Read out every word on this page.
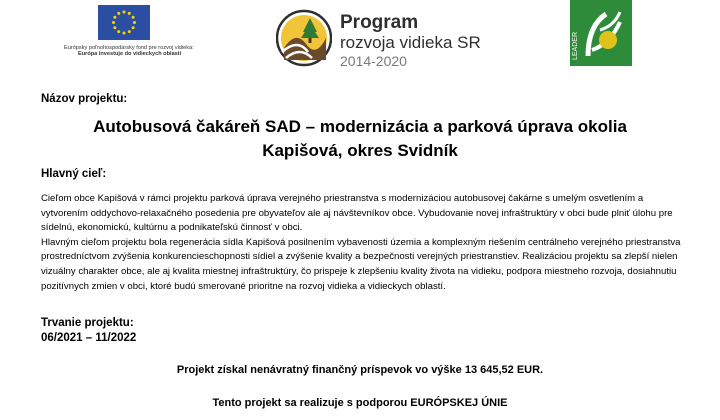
Európsky poľnohospodársky fond pre rozvoj vidieka:
Európa investuje do vidieckych oblastí
Program
rozvoja vidieka SR
2014-2020
LEADER
Názov projektu:
Autobusová čakáreň SAD – modernizácia a parková úprava okolia
Kapišová, okres Svidník
Hlavný cieľ:

Cieľom obce Kapišová v rámci projektu parková úprava verejného priestranstva s modernizáciou autobusovej čakárne s umelým osvetlením a vytvorením oddychovo-relaxačného posedenia pre obyvateľov ale aj návštevníkov obce. Vybudovanie novej infraštruktúry v obci bude plniť úlohu pre sídelnú, ekonomickú, kultúrnu a podnikateľskú činnosť v obci.

Hlavným cieľom projektu bola regenerácia sídla Kapišová posilnením vybavenosti územia a komplexným riešením centrálneho verejného priestranstva prostredníctvom zvýšenia konkurencieschopnosti sídiel a zvýšenie kvality a bezpečnosti verejných priestranstiev. Realizáciou projektu sa zlepší nielen vizuálny charakter obce, ale aj kvalita miestnej infraštruktúry, čo prispeje k zlepšeniu kvality života na vidieku, podpora miestneho rozvoja, dosiahnutiu pozitívnych zmien v obci, ktoré budú smerované prioritne na rozvoj vidieka a vidieckych oblastí.

Trvanie projektu:
06/2021 – 11/2022
Projekt získal nenávratný finančný príspevok vo výške 13 645,52 EUR.
Tento projekt sa realizuje s podporou EURÓPSKEJ ÚNIE
